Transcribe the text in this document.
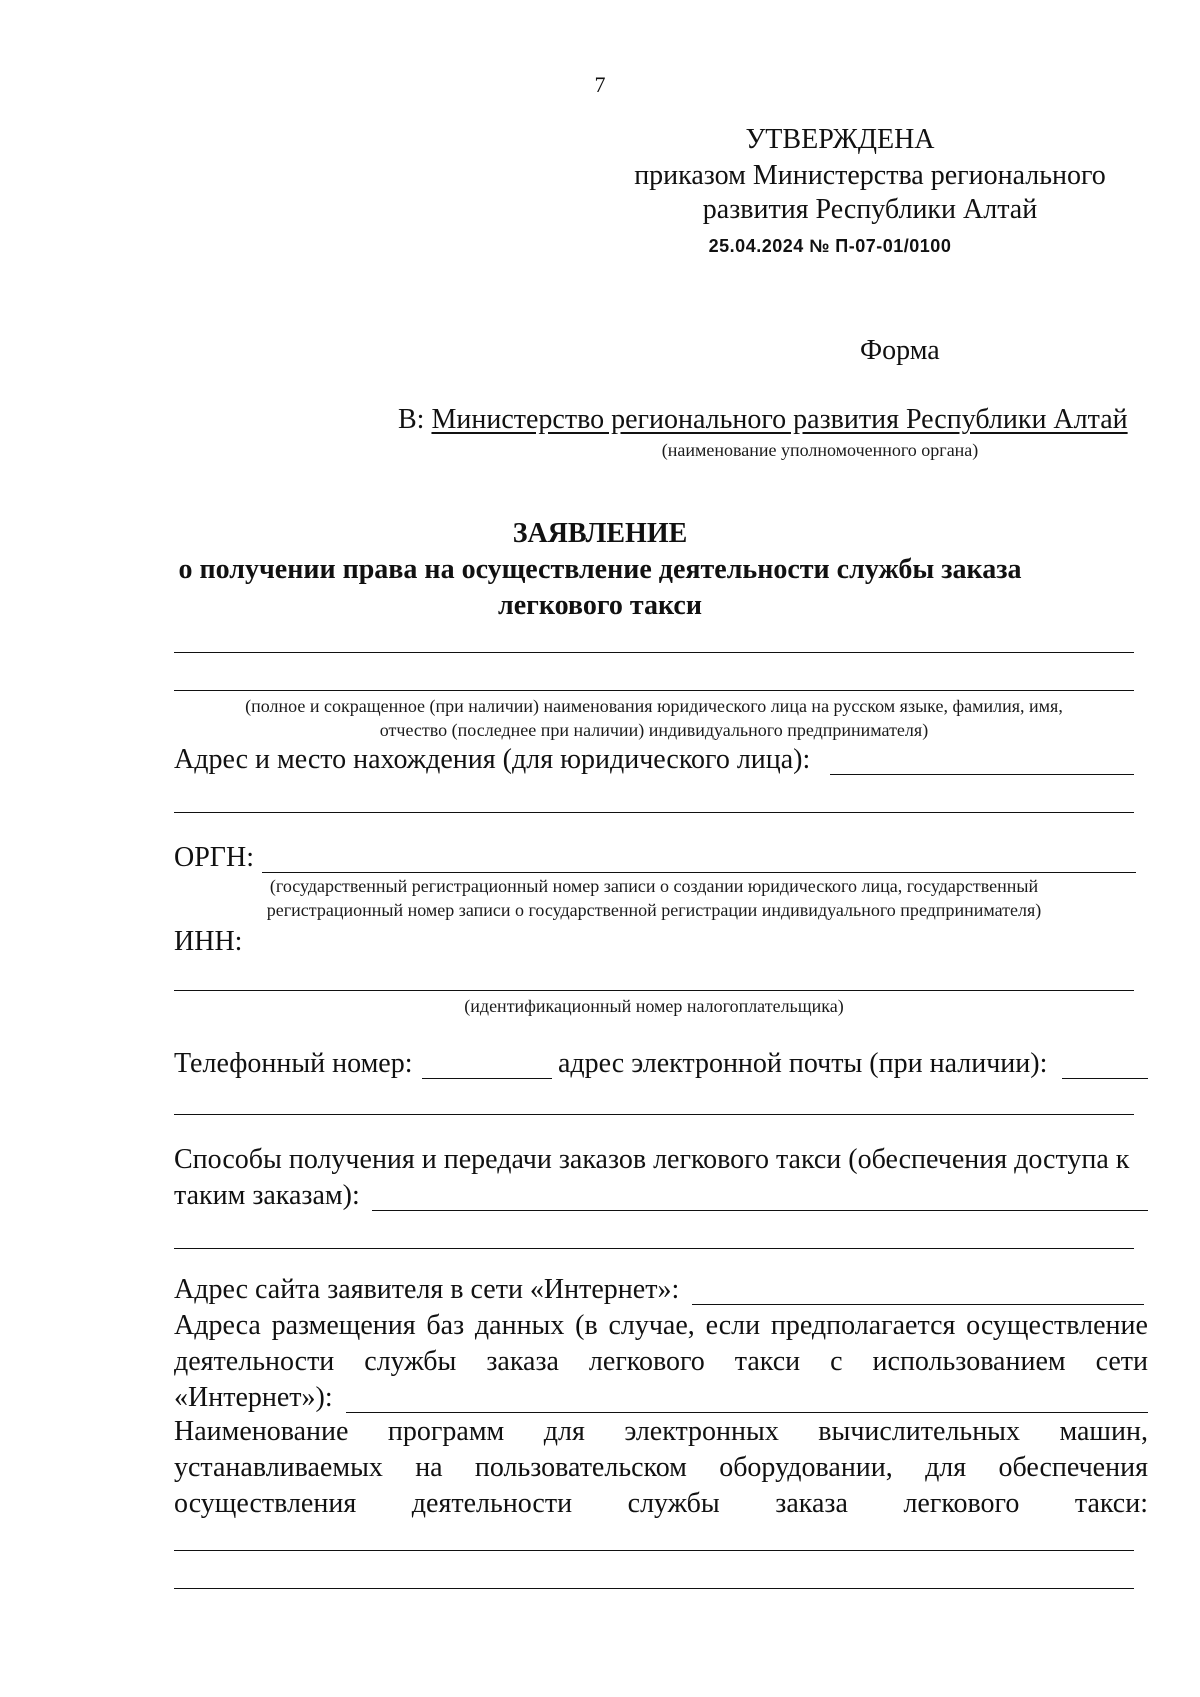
7
УТВЕРЖДЕНА
приказом Министерства регионального
развития Республики Алтай
25.04.2024 № П-07-01/0100
Форма
В: Министерство регионального развития Республики Алтай
(наименование уполномоченного органа)
ЗАЯВЛЕНИЕ
о получении права на осуществление деятельности службы заказа
легкового такси
(полное и сокращенное (при наличии) наименования юридического лица на русском языке, фамилия, имя,
отчество (последнее при наличии) индивидуального предпринимателя)
Адрес и место нахождения (для юридического лица):
ОРГН:
(государственный регистрационный номер записи о создании юридического лица, государственный
регистрационный номер записи о государственной регистрации индивидуального предпринимателя)
ИНН:
(идентификационный номер налогоплательщика)
Телефонный номер:	адрес электронной почты (при наличии):
Способы получения и передачи заказов легкового такси (обеспечения доступа к
таким заказам):
Адрес сайта заявителя в сети «Интернет»:
Адреса размещения баз данных (в случае, если предполагается осуществление
деятельности службы заказа легкового такси с использованием сети
«Интернет»):
Наименование программ для электронных вычислительных машин,
устанавливаемых на пользовательском оборудовании, для обеспечения
осуществления деятельности службы заказа легкового такси:
